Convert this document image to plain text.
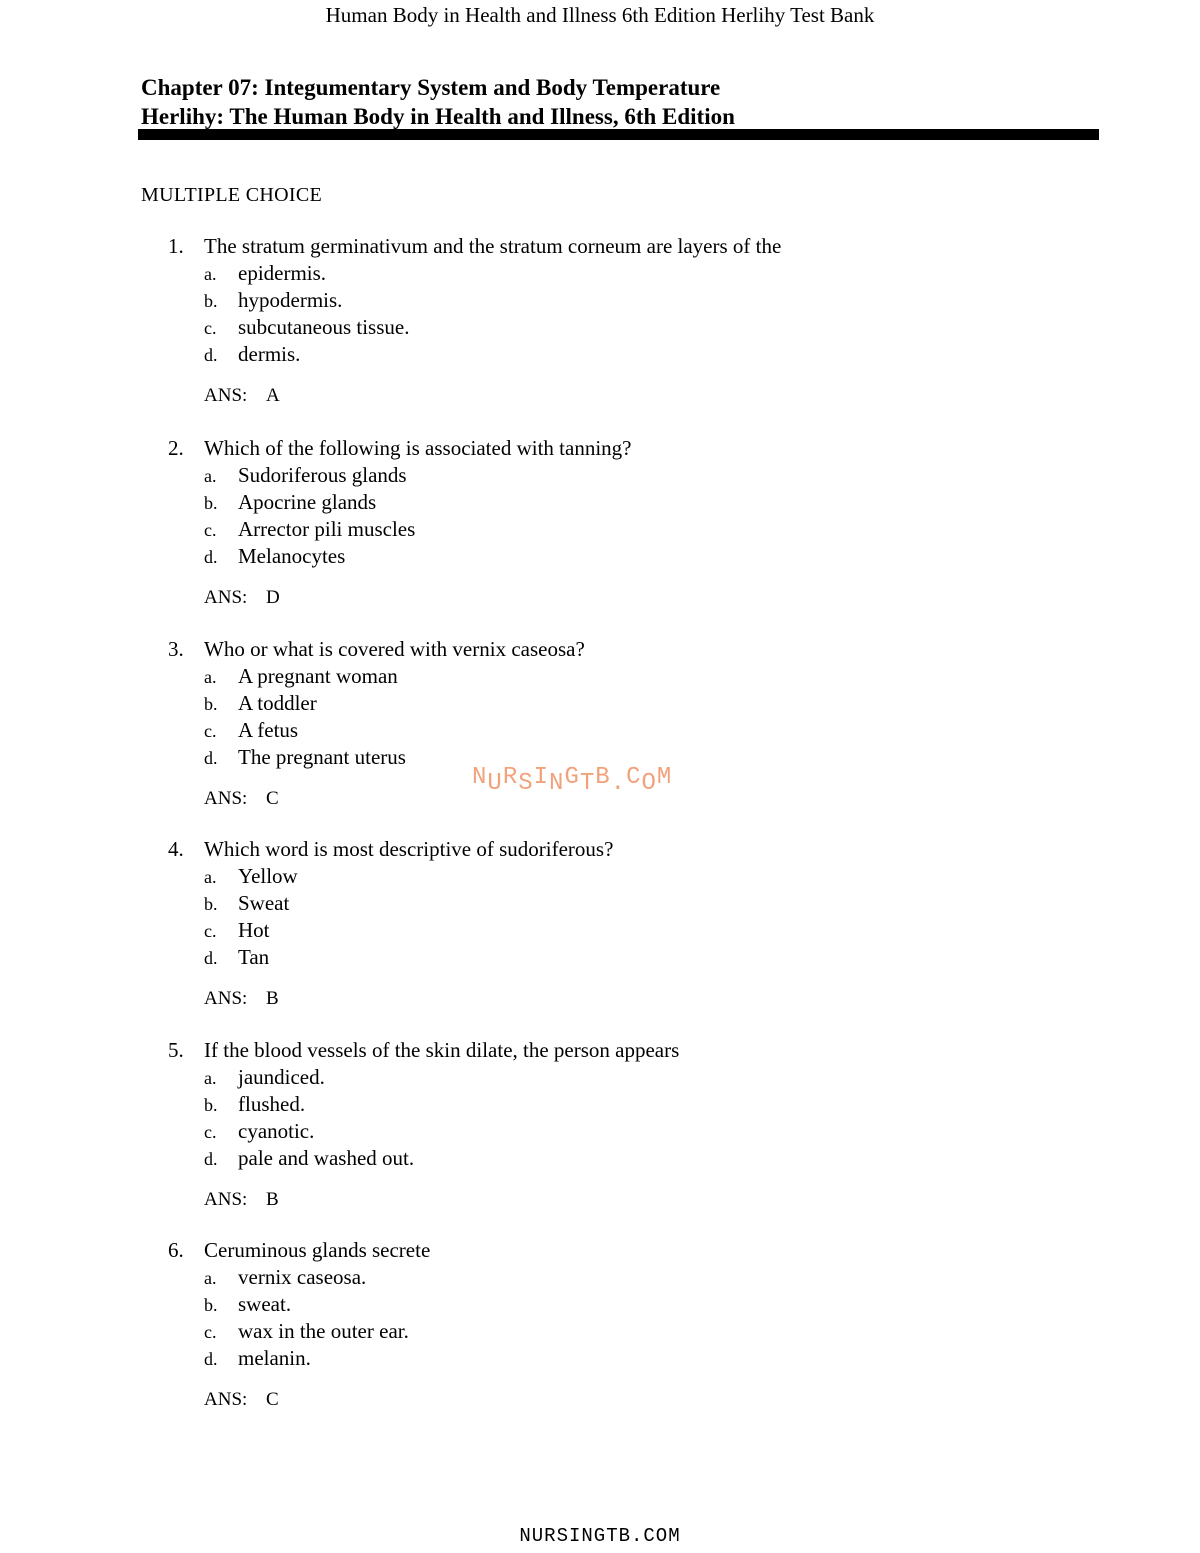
Human Body in Health and Illness 6th Edition Herlihy Test Bank
Chapter 07: Integumentary System and Body Temperature
Herlihy: The Human Body in Health and Illness, 6th Edition
MULTIPLE CHOICE
1. The stratum germinativum and the stratum corneum are layers of the
a. epidermis.
b. hypodermis.
c. subcutaneous tissue.
d. dermis.
ANS: A
2. Which of the following is associated with tanning?
a. Sudoriferous glands
b. Apocrine glands
c. Arrector pili muscles
d. Melanocytes
ANS: D
3. Who or what is covered with vernix caseosa?
a. A pregnant woman
b. A toddler
c. A fetus
d. The pregnant uterus
ANS: C
4. Which word is most descriptive of sudoriferous?
a. Yellow
b. Sweat
c. Hot
d. Tan
ANS: B
5. If the blood vessels of the skin dilate, the person appears
a. jaundiced.
b. flushed.
c. cyanotic.
d. pale and washed out.
ANS: B
6. Ceruminous glands secrete
a. vernix caseosa.
b. sweat.
c. wax in the outer ear.
d. melanin.
ANS: C
NURSINGTB.COM
NURSINGTB.COM
